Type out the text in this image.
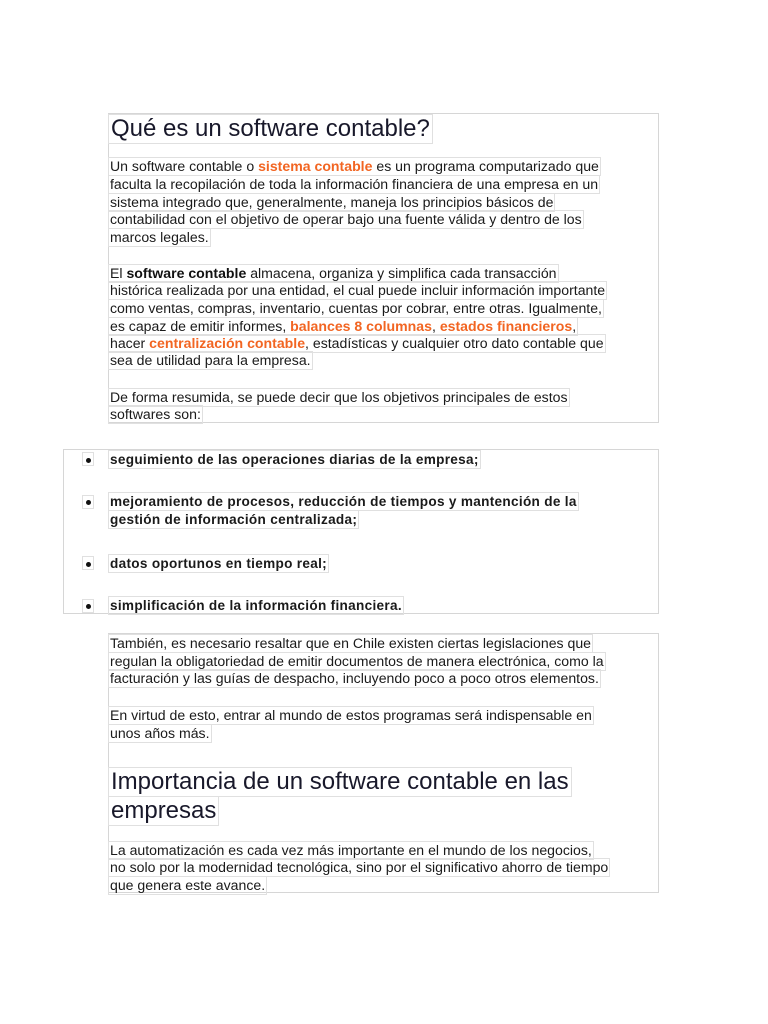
Qué es un software contable?
Un software contable o sistema contable es un programa computarizado que
faculta la recopilación de toda la información financiera de una empresa en un
sistema integrado que, generalmente, maneja los principios básicos de
contabilidad con el objetivo de operar bajo una fuente válida y dentro de los
marcos legales.
El software contable almacena, organiza y simplifica cada transacción
histórica realizada por una entidad, el cual puede incluir información importante
como ventas, compras, inventario, cuentas por cobrar, entre otras. Igualmente,
es capaz de emitir informes, balances 8 columnas, estados financieros,
hacer centralización contable, estadísticas y cualquier otro dato contable que
sea de utilidad para la empresa.
De forma resumida, se puede decir que los objetivos principales de estos
softwares son:
seguimiento de las operaciones diarias de la empresa;
mejoramiento de procesos, reducción de tiempos y mantención de la
gestión de información centralizada;
datos oportunos en tiempo real;
simplificación de la información financiera.
También, es necesario resaltar que en Chile existen ciertas legislaciones que
regulan la obligatoriedad de emitir documentos de manera electrónica, como la
facturación y las guías de despacho, incluyendo poco a poco otros elementos.
En virtud de esto, entrar al mundo de estos programas será indispensable en
unos años más.
Importancia de un software contable en las
empresas
La automatización es cada vez más importante en el mundo de los negocios,
no solo por la modernidad tecnológica, sino por el significativo ahorro de tiempo
que genera este avance.
